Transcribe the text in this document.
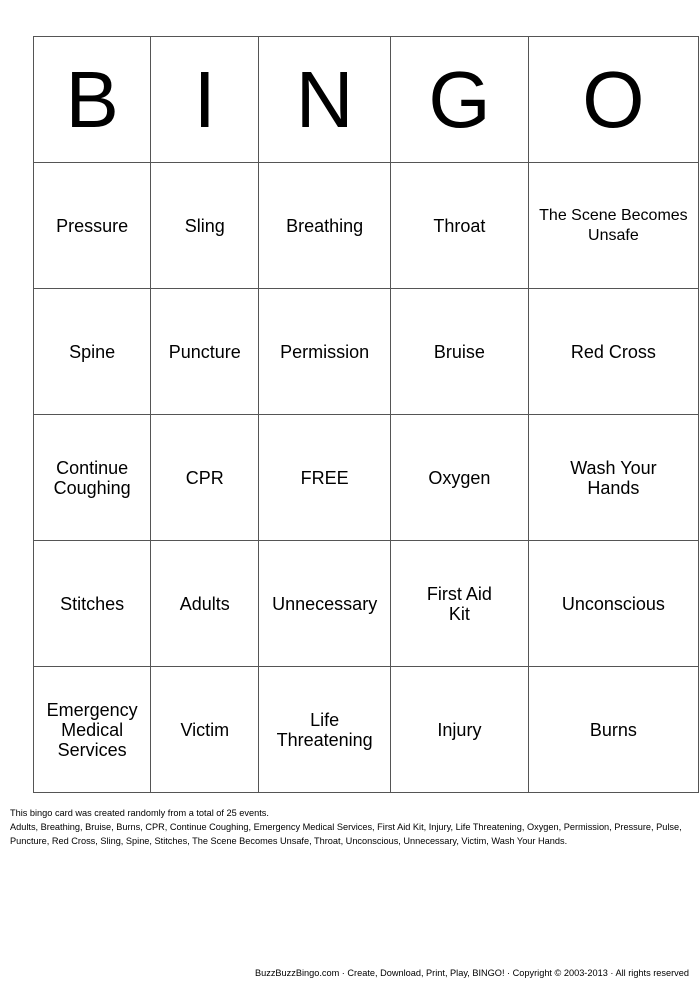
B	I	N	G	O
Pressure	Sling	Breathing	Throat	The Scene Becomes Unsafe
Spine	Puncture	Permission	Bruise	Red Cross
Continue Coughing	CPR	FREE	Oxygen	Wash Your Hands
Stitches	Adults	Unnecessary	First Aid Kit	Unconscious
Emergency Medical Services	Victim	Life Threatening	Injury	Burns

This bingo card was created randomly from a total of 25 events.

Adults, Breathing, Bruise, Burns, CPR, Continue Coughing, Emergency Medical Services, First Aid Kit, Injury, Life Threatening, Oxygen, Permission, Pressure, Pulse, Puncture, Red Cross, Sling, Spine, Stitches, The Scene Becomes Unsafe, Throat, Unconscious, Unnecessary, Victim, Wash Your Hands.

BuzzBuzzBingo.com · Create, Download, Print, Play, BINGO! · Copyright © 2003-2013 · All rights reserved
